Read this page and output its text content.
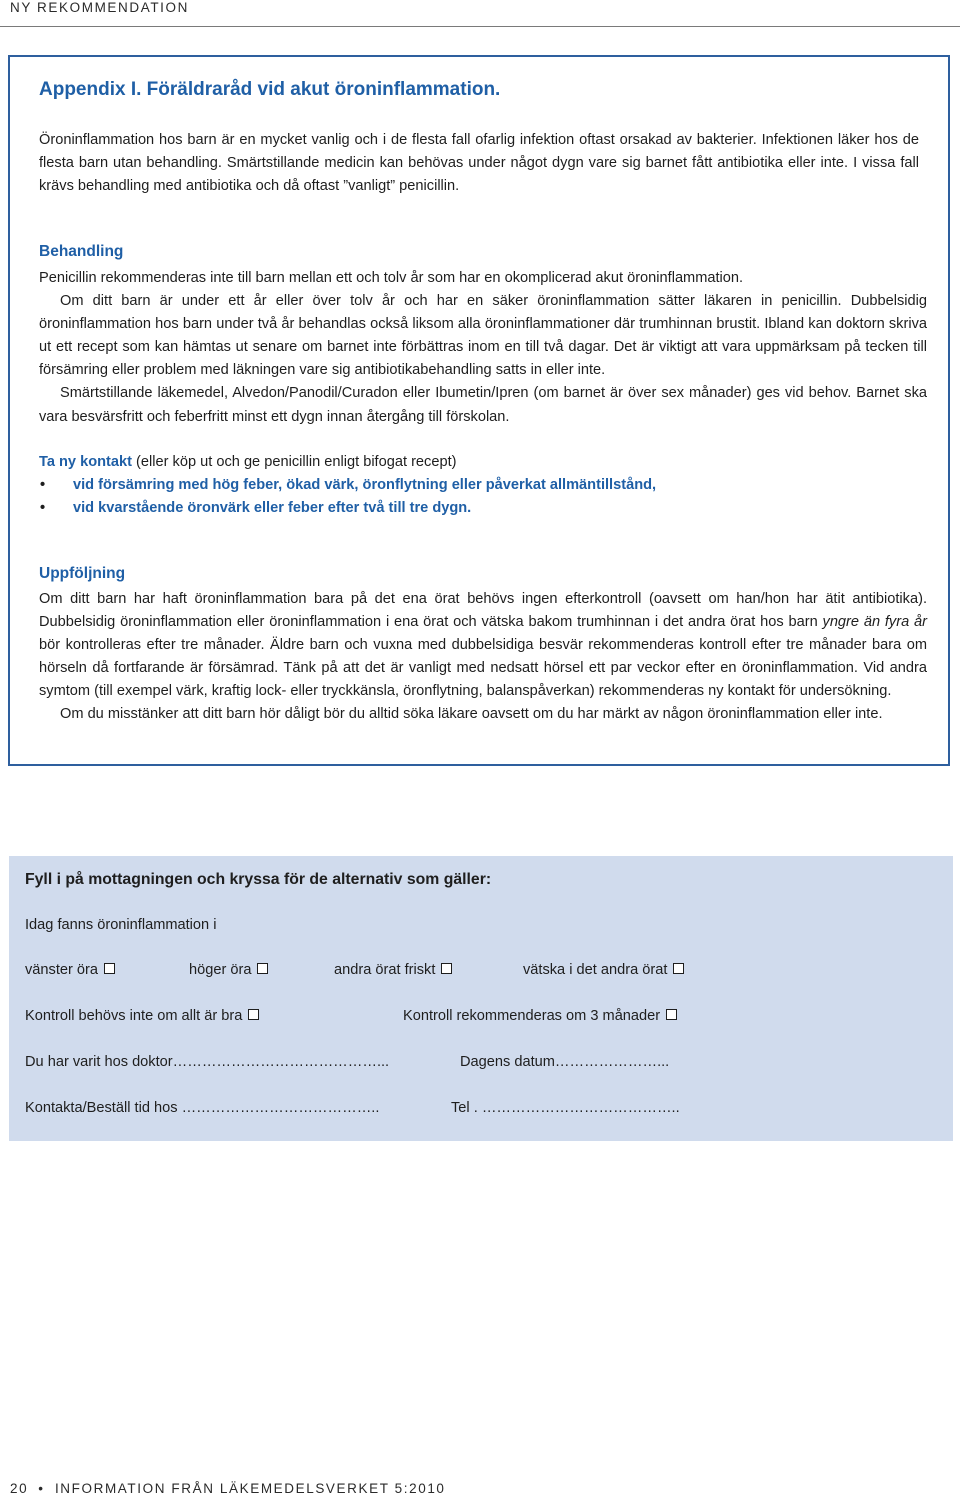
NY REKOMMENDATION
Appendix I. Föräldraråd vid akut öroninflammation.

Öroninflammation hos barn är en mycket vanlig och i de flesta fall ofarlig infektion oftast orsakad av bakterier. Infektionen läker hos de flesta barn utan behandling. Smärtstillande medicin kan behövas under något dygn vare sig barnet fått antibiotika eller inte. I vissa fall krävs behandling med antibiotika och då oftast ”vanligt” penicillin.

Behandling

Penicillin rekommenderas inte till barn mellan ett och tolv år som har en okomplicerad akut öroninflammation.

Om ditt barn är under ett år eller över tolv år och har en säker öroninflammation sätter läkaren in penicillin. Dubbelsidig öroninflammation hos barn under två år behandlas också liksom alla öroninflammationer där trumhinnan brustit. Ibland kan doktorn skriva ut ett recept som kan hämtas ut senare om barnet inte förbättras inom en till två dagar. Det är viktigt att vara uppmärksam på tecken till försämring eller problem med läkningen vare sig antibiotikabehandling satts in eller inte.

Smärtstillande läkemedel, Alvedon/Panodil/Curadon eller Ibumetin/Ipren (om barnet är över sex månader) ges vid behov. Barnet ska vara besvärsfritt och feberfritt minst ett dygn innan återgång till förskolan.

Ta ny kontakt (eller köp ut och ge penicillin enligt bifogat recept)

• vid försämring med hög feber, ökad värk, öronflytning eller påverkat allmäntillstånd,
• vid kvarstående öronvärk eller feber efter två till tre dygn.
Uppföljning

Om ditt barn har haft öroninflammation bara på det ena örat behövs ingen efterkontroll (oavsett om han/hon har ätit antibiotika). Dubbelsidig öroninflammation eller öroninflammation i ena örat och vätska bakom trumhinnan i det andra örat hos barn yngre än fyra år bör kontrolleras efter tre månader. Äldre barn och vuxna med dubbelsidiga besvär rekommenderas kontroll efter tre månader bara om hörseln då fortfarande är försämrad. Tänk på att det är vanligt med nedsatt hörsel ett par veckor efter en öroninflammation. Vid andra symtom (till exempel värk, kraftig lock- eller tryckkänsla, öronflytning, balanspåverkan) rekommenderas ny kontakt för undersökning.

Om du misstänker att ditt barn hör dåligt bör du alltid söka läkare oavsett om du har märkt av någon öroninflammation eller inte.

Fyll i på mottagningen och kryssa för de alternativ som gäller:
Idag fanns öroninflammation i
vänster öra	höger öra	andra örat friskt	vätska i det andra örat
Kontroll behövs inte om allt är bra	Kontroll rekommenderas om 3 månader
Du har varit hos doktor……………………………………...	Dagens datum…………………...
Kontakta/Beställ tid hos …………………………………..	Tel . …………………………………..
20 • INFORMATION FRÅN LÄKEMEDELSVERKET 5:2010
